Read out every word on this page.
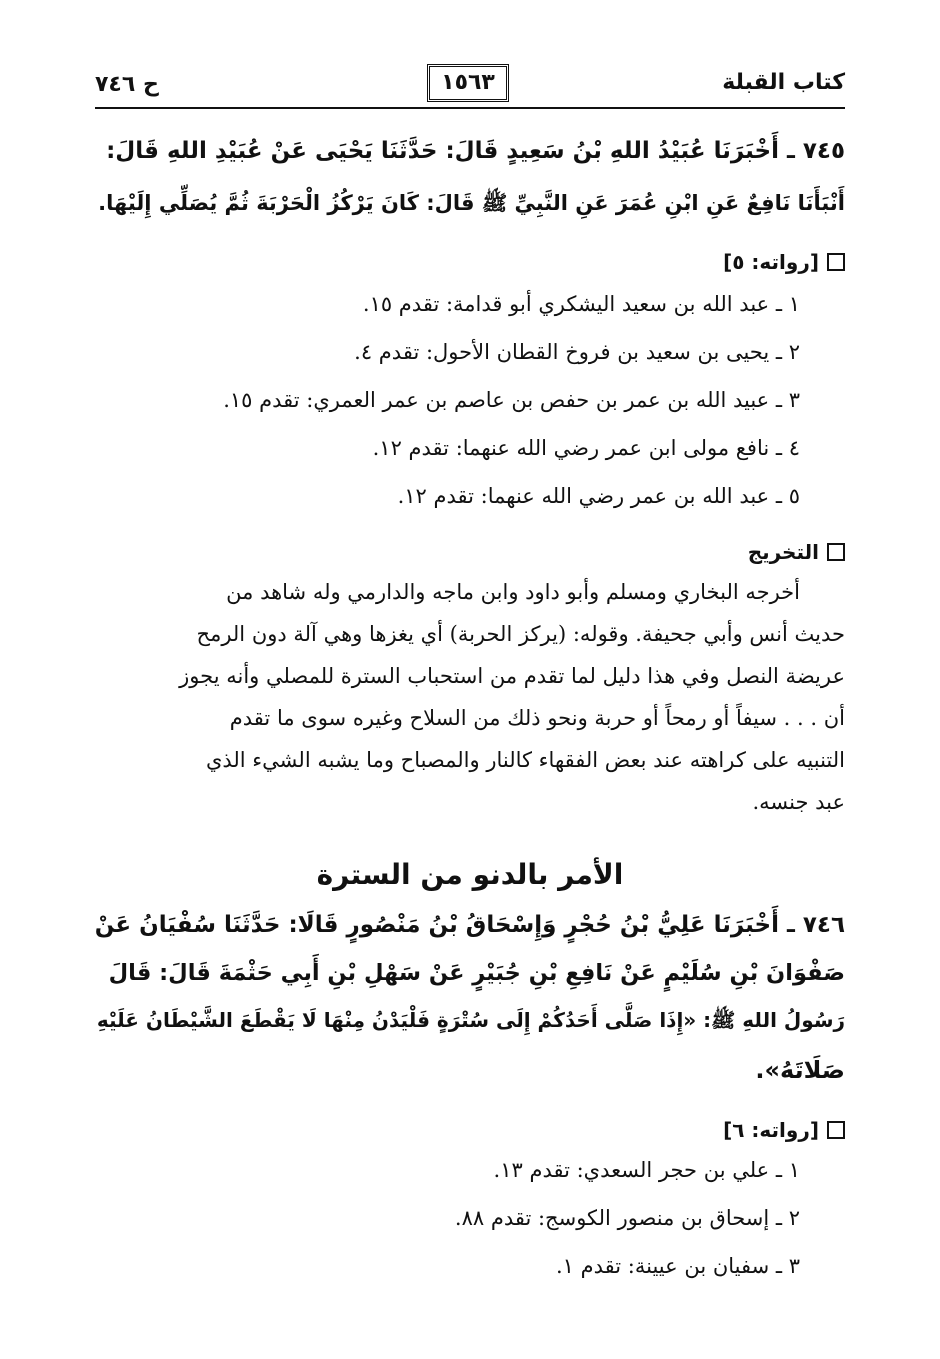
كتاب القبلة
١٥٦٣
ح ٧٤٦
٧٤٥ ـ أَخْبَرَنَا عُبَيْدُ اللهِ بْنُ سَعِيدٍ قَالَ: حَدَّثَنَا يَحْيَى عَنْ عُبَيْدِ اللهِ قَالَ:
أَنْبَأَنَا نَافِعٌ عَنِ ابْنِ عُمَرَ عَنِ النَّبِيِّ ﷺ قَالَ: كَانَ يَرْكُزُ الْحَرْبَةَ ثُمَّ يُصَلِّي إِلَيْهَا.
[رواته: ٥]
١ ـ عبد الله بن سعيد اليشكري أبو قدامة: تقدم ١٥.
٢ ـ يحيى بن سعيد بن فروخ القطان الأحول: تقدم ٤.
٣ ـ عبيد الله بن عمر بن حفص بن عاصم بن عمر العمري: تقدم ١٥.
٤ ـ نافع مولى ابن عمر رضي الله عنهما: تقدم ١٢.
٥ ـ عبد الله بن عمر رضي الله عنهما: تقدم ١٢.
التخريج
أخرجه البخاري ومسلم وأبو داود وابن ماجه والدارمي وله شاهد من
حديث أنس وأبي جحيفة. وقوله: (يركز الحربة) أي يغزها وهي آلة دون الرمح
عريضة النصل وفي هذا دليل لما تقدم من استحباب السترة للمصلي وأنه يجوز
أن . . . سيفاً أو رمحاً أو حربة ونحو ذلك من السلاح وغيره سوى ما تقدم
التنبيه على كراهته عند بعض الفقهاء كالنار والمصباح وما يشبه الشيء الذي
عبد جنسه.
الأمر بالدنو من السترة
٧٤٦ ـ أَخْبَرَنَا عَلِيُّ بْنُ حُجْرٍ وَإِسْحَاقُ بْنُ مَنْصُورٍ قَالَا: حَدَّثَنَا سُفْيَانُ عَنْ
صَفْوَانَ بْنِ سُلَيْمٍ عَنْ نَافِعِ بْنِ جُبَيْرٍ عَنْ سَهْلِ بْنِ أَبِي حَثْمَةَ قَالَ: قَالَ
رَسُولُ اللهِ ﷺ: «إِذَا صَلَّى أَحَدُكُمْ إِلَى سُتْرَةٍ فَلْيَدْنُ مِنْهَا لَا يَقْطَعَ الشَّيْطَانُ عَلَيْهِ
صَلَاتَهُ».
[رواته: ٦]
١ ـ علي بن حجر السعدي: تقدم ١٣.
٢ ـ إسحاق بن منصور الكوسج: تقدم ٨٨.
٣ ـ سفيان بن عيينة: تقدم ١.
